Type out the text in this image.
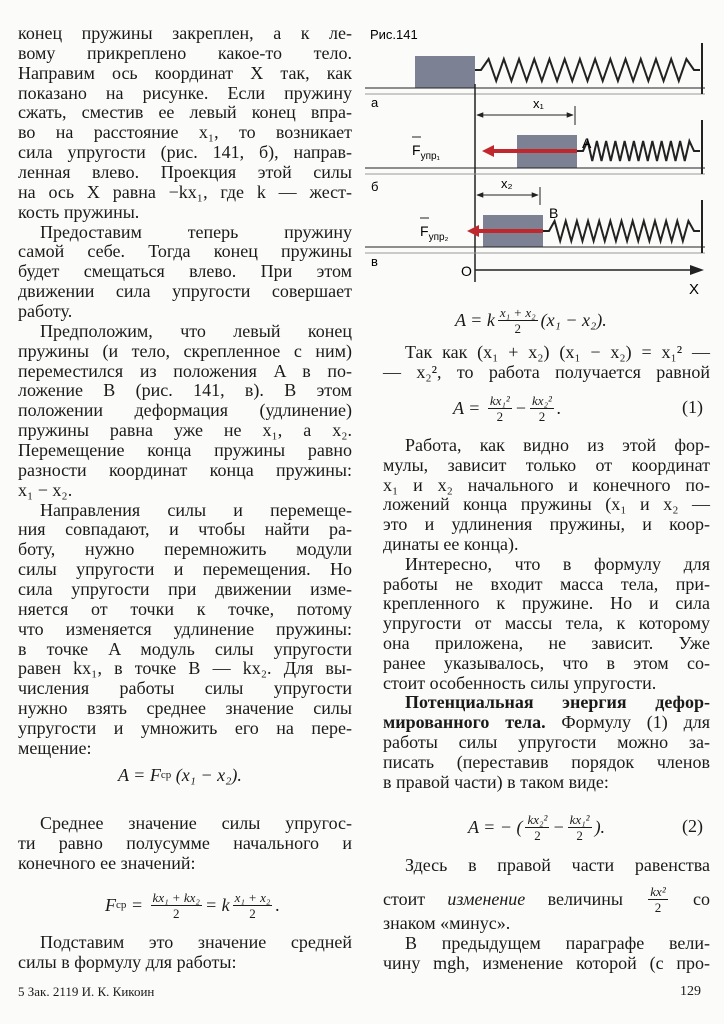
Рис.141
а	x₁
A
$F_{упр_1}$
б	x₂
B
$F_{упр_2}$
в
O
X
конец пружины закреплен, а к ле-
вому прикреплено какое-то тело.
Направим ось координат X так, как
показано на рисунке. Если пружину
сжать, сместив ее левый конец впра-
во на расстояние x₁, то возникает
сила упругости (рис. 141, б), направ-
ленная влево. Проекция этой силы
на ось X равна −kx₁, где k — жест-
кость пружины.
Предоставим теперь пружину
самой себе. Тогда конец пружины
будет смещаться влево. При этом
движении сила упругости совершает
работу.
Предположим, что левый конец
пружины (и тело, скрепленное с ним)
переместился из положения A в по-
ложение B (рис. 141, в). В этом
положении деформация (удлинение)
пружины равна уже не x₁, а x₂.
Перемещение конца пружины равно
разности координат конца пружины:
x₁ − x₂.
Направления силы и перемеще-
ния совпадают, и чтобы найти ра-
боту, нужно перемножить модули
силы упругости и перемещения. Но
сила упругости при движении изме-
няется от точки к точке, потому
что изменяется удлинение пружины:
в точке A модуль силы упругости
равен kx₁, в точке B — kx₂. Для вы-
числения работы силы упругости
нужно взять среднее значение силы
упругости и умножить его на пере-
мещение:
Среднее значение силы упругос-
ти равно полусумме начального и
конечного ее значений:
Подставим это значение средней
силы в формулу для работы:
Так как (x₁ + x₂) (x₁ − x₂) = x₁² —
— x₂², то работа получается равной
Работа, как видно из этой фор-
мулы, зависит только от координат
x₁ и x₂ начального и конечного по-
ложений конца пружины (x₁ и x₂ —
это и удлинения пружины, и коор-
динаты ее конца).
Интересно, что в формулу для
работы не входит масса тела, при-
крепленного к пружине. Но и сила
упругости от массы тела, к которому
она приложена, не зависит. Уже
ранее указывалось, что в этом со-
стоит особенность силы упругости.
Потенциальная энергия дефор-
мированного тела. Формулу (1) для
работы силы упругости можно за-
писать (переставив порядок членов
в правой части) в таком виде:
Здесь в правой части равенства
знаком «минус».
В предыдущем параграфе вели-
чину mgh, изменение которой (с про-
стоит изменение величины $\frac{\text{kx²}}{2}$ со
A = k $\frac{\text{x₁ + x₂}}{2} (x_1 - x_2)$.
A = F ср (x₁ − x₂).
F ср = $\frac{\text{kx₁ + kx₂}}{2} = k \frac{\text{x₁ + x₂}}{2}$ .
$A = \frac{\text{kx₁²}}{2} - \frac{\text{kx₂²}}{2}$ .
A = − ( $\frac{\text{kx₂²}}{2} - \frac{\text{kx₁²}}{2}$ ).
(1)
(2)
5 Зак. 2119 И. К. Кикоин	129
